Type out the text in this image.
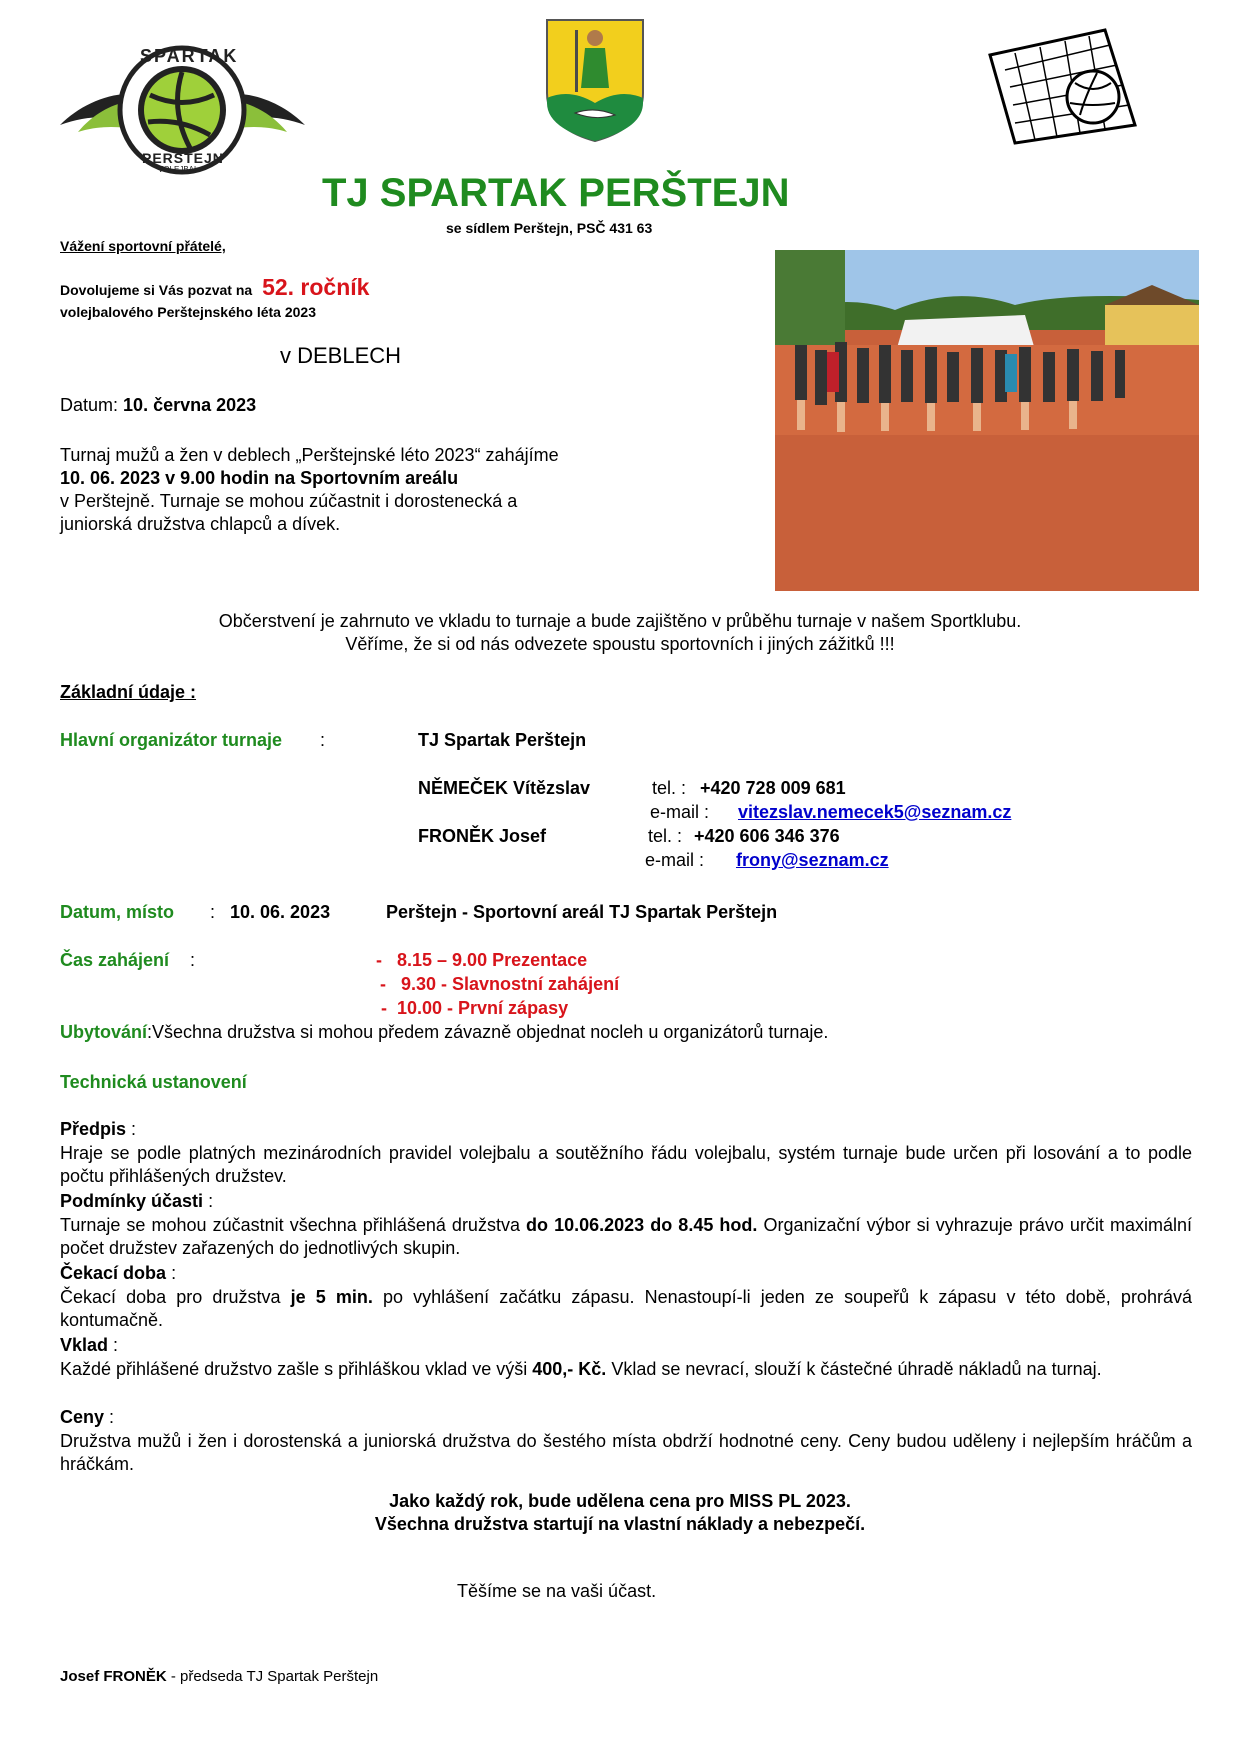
SPARTAK
PERŠTEJN
VOLEJBAL
TJ SPARTAK PERŠTEJN
se sídlem Perštejn, PSČ 431 63
Vážení sportovní přátelé,
Dovolujeme si Vás pozvat na 52. ročník
volejbalového Perštejnského léta 2023
v DEBLECH
Datum: 10. června 2023
Turnaj mužů a žen v deblech „Perštejnské léto 2023“ zahájíme
10. 06. 2023 v 9.00 hodin na Sportovním areálu
v Perštejně. Turnaje se mohou zúčastnit i dorostenecká a
juniorská družstva chlapců a dívek.
Občerstvení je zahrnuto ve vkladu to turnaje a bude zajištěno v průběhu turnaje v našem Sportklubu.
Věříme, že si od nás odvezete spoustu sportovních i jiných zážitků !!!
Základní údaje :
Hlavní organizátor turnaje :	TJ Spartak Perštejn
NĚMEČEK Vítězslav	tel. : +420 728 009 681
e-mail : vitezslav.nemecek5@seznam.cz
FRONĚK Josef	tel. : +420 606 346 376
e-mail : frony@seznam.cz
Datum, místo : 10. 06. 2023	Perštejn - Sportovní areál TJ Spartak Perštejn
Čas zahájení :	-   8.15 – 9.00 Prezentace
-   9.30 - Slavnostní zahájení
-  10.00 - První zápasy
Ubytování:Všechna družstva si mohou předem závazně objednat nocleh u organizátorů turnaje.
Technická ustanovení
Předpis :
Hraje se podle platných mezinárodních pravidel volejbalu a soutěžního řádu volejbalu, systém turnaje bude určen při losování a to podle počtu přihlášených družstev.
Podmínky účasti :
Turnaje se mohou zúčastnit všechna přihlášená družstva do 10.06.2023 do 8.45 hod. Organizační výbor si vyhrazuje právo určit maximální počet družstev zařazených do jednotlivých skupin.
Čekací doba :
Čekací doba pro družstva je 5 min. po vyhlášení začátku zápasu. Nenastoupí-li jeden ze soupeřů k zápasu v této době, prohrává kontumačně.
Vklad :
Každé přihlášené družstvo zašle s přihláškou vklad ve výši 400,- Kč. Vklad se nevrací, slouží k částečné úhradě nákladů na turnaj.
Ceny :
Družstva mužů i žen i dorostenská a juniorská družstva do šestého místa obdrží hodnotné ceny. Ceny budou uděleny i nejlepším hráčům a hráčkám.
Jako každý rok, bude udělena cena pro MISS PL 2023.
Všechna družstva startují na vlastní náklady a nebezpečí.
Těšíme se na vaši účast.
Josef FRONĚK - předseda TJ Spartak Perštejn
